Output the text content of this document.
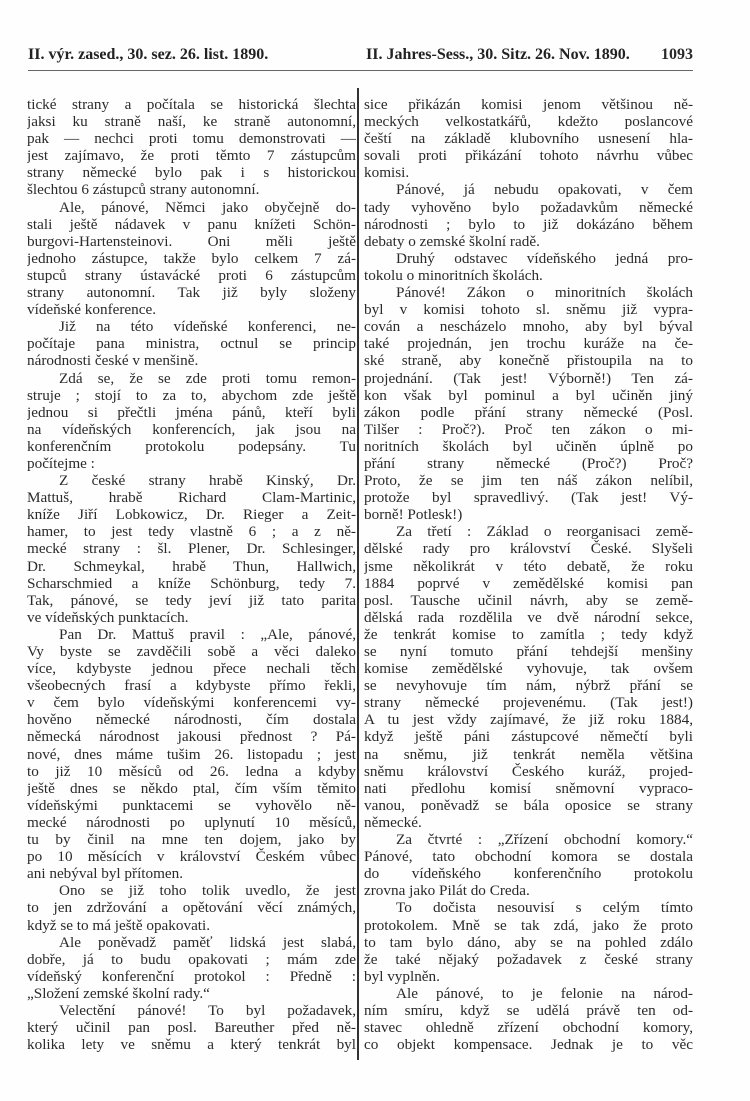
II. výr. zased., 30. sez. 26. list. 1890.	II. Jahres-Sess., 30. Sitz. 26. Nov. 1890.	1093
tické strany a počítala se historická šlechta
jaksi ku straně naší, ke straně autonomní,
pak — nechci proti tomu demonstrovati —
jest zajímavo, že proti těmto 7 zástupcům
strany německé bylo pak i s historickou
šlechtou 6 zástupců strany autonomní.
Ale, pánové, Němci jako obyčejně do-
stali ještě nádavek v panu knížeti Schön-
burgovi-Hartensteinovi. Oni měli ještě
jednoho zástupce, takže bylo celkem 7 zá-
stupců strany ústavácké proti 6 zástupcům
strany autonomní. Tak již byly složeny
vídeňské konference.
Již na této vídeňské konferenci, ne-
počítaje pana ministra, octnul se princip
národnosti české v menšině.
Zdá se, že se zde proti tomu remon-
struje ; stojí to za to, abychom zde ještě
jednou si přečtli jména pánů, kteří byli
na vídeňských konferencích, jak jsou na
konferenčním protokolu podepsány. Tu
počítejme :
Z české strany hrabě Kinský, Dr.
Mattuš, hrabě Richard Clam-Martinic,
kníže Jiří Lobkowicz, Dr. Rieger a Zeit-
hamer, to jest tedy vlastně 6 ; a z ně-
mecké strany : šl. Plener, Dr. Schlesinger,
Dr. Schmeykal, hrabě Thun, Hallwich,
Scharschmied a kníže Schönburg, tedy 7.
Tak, pánové, se tedy jeví již tato parita
ve vídeňských punktacích.
Pan Dr. Mattuš pravil : „Ale, pánové,
Vy byste se zavděčili sobě a věci daleko
více, kdybyste jednou přece nechali těch
všeobecných frasí a kdybyste přímo řekli,
v čem bylo vídeňskými konferencemi vy-
hověno německé národnosti, čím dostala
německá národnost jakousi přednost ? Pá-
nové, dnes máme tušim 26. listopadu ; jest
to již 10 měsíců od 26. ledna a kdyby
ještě dnes se někdo ptal, čím vším těmito
vídeňskými punktacemi se vyhovělo ně-
mecké národnosti po uplynutí 10 měsíců,
tu by činil na mne ten dojem, jako by
po 10 měsících v království Českém vůbec
ani nebýval byl přítomen.
Ono se již toho tolik uvedlo, že jest
to jen zdržování a opětování věcí známých,
když se to má ještě opakovati.
Ale poněvadž paměť lidská jest slabá,
dobře, já to budu opakovati ; mám zde
vídeňský konferenční protokol : Předně :
„Složení zemské školní rady.“
Velectění pánové! To byl požadavek,
který učinil pan posl. Bareuther před ně-
kolika lety ve sněmu a který tenkrát byl
sice přikázán komisi jenom většinou ně-
meckých velkostatkářů, kdežto poslancové
čeští na základě klubovního usnesení hla-
sovali proti přikázání tohoto návrhu vůbec
komisi.
Pánové, já nebudu opakovati, v čem
tady vyhověno bylo požadavkům německé
národnosti ; bylo to již dokázáno během
debaty o zemské školní radě.
Druhý odstavec vídeňského jedná pro-
tokolu o minoritních školách.
Pánové! Zákon o minoritních školách
byl v komisi tohoto sl. sněmu již vypra-
cován a nescházelo mnoho, aby byl býval
také projednán, jen trochu kuráže na če-
ské straně, aby konečně přistoupila na to
projednání. (Tak jest! Výborně!) Ten zá-
kon však byl pominul a byl učiněn jiný
zákon podle přání strany německé (Posl.
Tilšer : Proč?). Proč ten zákon o mi-
noritních školách byl učiněn úplně po
přání strany německé (Proč?) Proč?
Proto, že se jim ten náš zákon nelíbil,
protože byl spravedlivý. (Tak jest! Vý-
borně! Potlesk!)
Za třetí : Základ o reorganisaci země-
dělské rady pro království České. Slyšeli
jsme několikrát v této debatě, že roku
1884 poprvé v zemědělské komisi pan
posl. Tausche učinil návrh, aby se země-
dělská rada rozdělila ve dvě národní sekce,
že tenkrát komise to zamítla ; tedy když
se nyní tomuto přání tehdejší menšiny
komise zemědělské vyhovuje, tak ovšem
se nevyhovuje tím nám, nýbrž přání se
strany německé projevenému. (Tak jest!)
A tu jest vždy zajímavé, že již roku 1884,
když ještě páni zástupcové němečtí byli
na sněmu, již tenkrát neměla většina
sněmu království Českého kuráž, projed-
nati předlohu komisí sněmovní vypraco-
vanou, poněvadž se bála oposice se strany
německé.
Za čtvrté : „Zřízení obchodní komory.“
Pánové, tato obchodní komora se dostala
do vídeňského konferenčního protokolu
zrovna jako Pilát do Creda.
To dočista nesouvisí s celým tímto
protokolem. Mně se tak zdá, jako že proto
to tam bylo dáno, aby se na pohled zdálo
že také nějaký požadavek z české strany
byl vyplněn.
Ale pánové, to je felonie na národ-
ním smíru, když se udělá právě ten od-
stavec ohledně zřízení obchodní komory,
co objekt kompensace. Jednak je to věc
